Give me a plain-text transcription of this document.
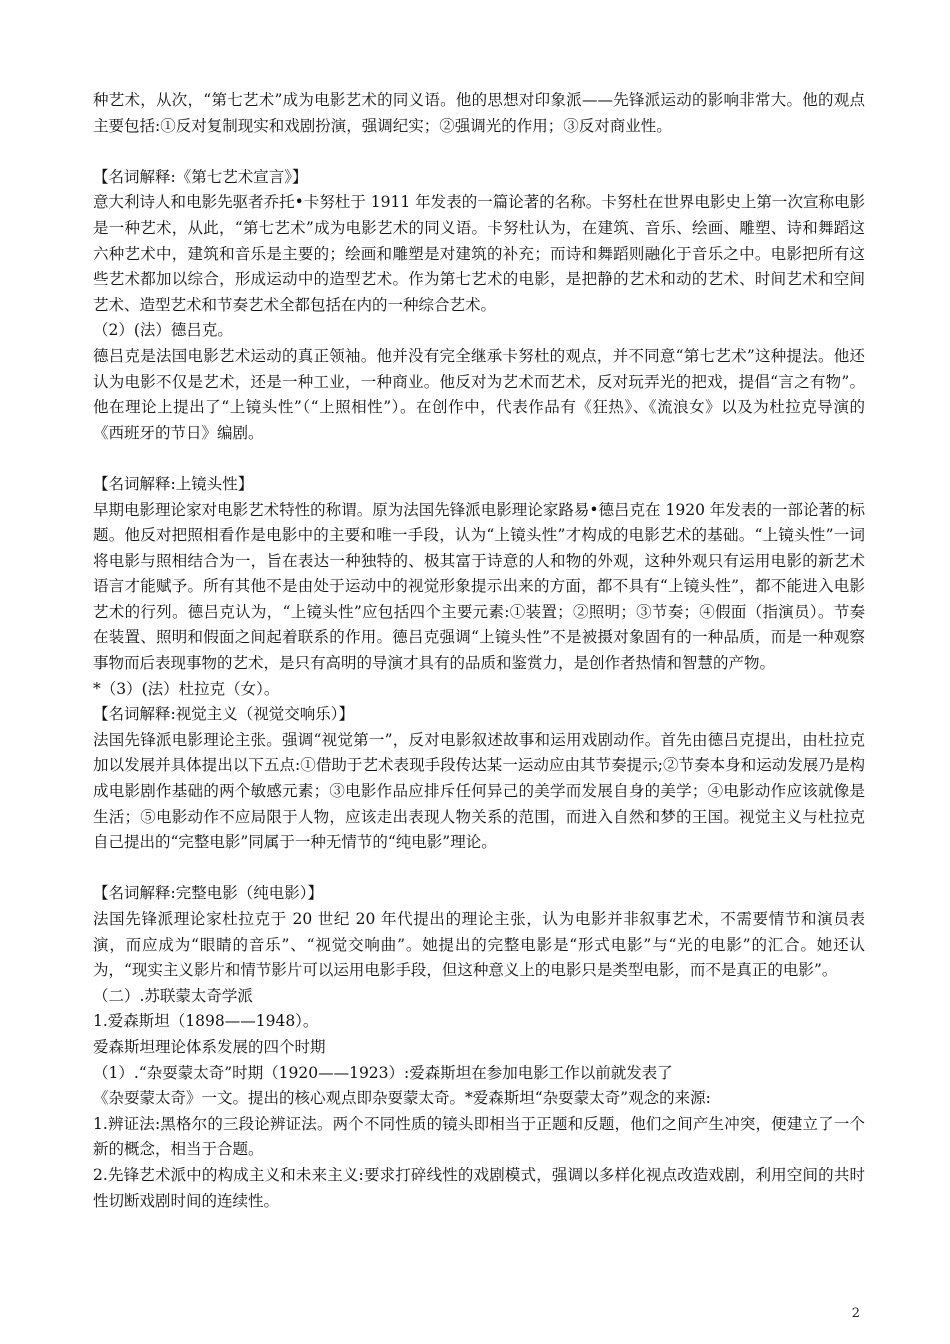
种艺术，从次，“第七艺术”成为电影艺术的同义语。他的思想对印象派——先锋派运动的影响非常大。他的观点主要包括:①反对复制现实和戏剧扮演，强调纪实；②强调光的作用；③反对商业性。

【名词解释:《第七艺术宣言》】

意大利诗人和电影先驱者乔托•卡努杜于 1911 年发表的一篇论著的名称。卡努杜在世界电影史上第一次宣称电影是一种艺术，从此，“第七艺术”成为电影艺术的同义语。卡努杜认为，在建筑、音乐、绘画、雕塑、诗和舞蹈这六种艺术中，建筑和音乐是主要的；绘画和雕塑是对建筑的补充；而诗和舞蹈则融化于音乐之中。电影把所有这些艺术都加以综合，形成运动中的造型艺术。作为第七艺术的电影，是把静的艺术和动的艺术、时间艺术和空间艺术、造型艺术和节奏艺术全都包括在内的一种综合艺术。

（2）(法）德吕克。

德吕克是法国电影艺术运动的真正领袖。他并没有完全继承卡努杜的观点，并不同意“第七艺术”这种提法。他还认为电影不仅是艺术，还是一种工业，一种商业。他反对为艺术而艺术，反对玩弄光的把戏，提倡“言之有物”。他在理论上提出了“上镜头性”（“上照相性”）。在创作中，代表作品有《狂热》、《流浪女》以及为杜拉克导演的《西班牙的节日》编剧。

【名词解释:上镜头性】

早期电影理论家对电影艺术特性的称谓。原为法国先锋派电影理论家路易•德吕克在 1920 年发表的一部论著的标题。他反对把照相看作是电影中的主要和唯一手段，认为“上镜头性”才构成的电影艺术的基础。“上镜头性”一词将电影与照相结合为一，旨在表达一种独特的、极其富于诗意的人和物的外观，这种外观只有运用电影的新艺术语言才能赋予。所有其他不是由处于运动中的视觉形象提示出来的方面，都不具有“上镜头性”，都不能进入电影艺术的行列。德吕克认为，“上镜头性”应包括四个主要元素:①装置；②照明；③节奏；④假面（指演员）。节奏在装置、照明和假面之间起着联系的作用。德吕克强调“上镜头性”不是被摄对象固有的一种品质，而是一种观察事物而后表现事物的艺术，是只有高明的导演才具有的品质和鉴赏力，是创作者热情和智慧的产物。

*（3）(法）杜拉克（女）。

【名词解释:视觉主义（视觉交响乐）】

法国先锋派电影理论主张。强调“视觉第一”，反对电影叙述故事和运用戏剧动作。首先由德吕克提出，由杜拉克加以发展并具体提出以下五点:①借助于艺术表现手段传达某一运动应由其节奏提示;②节奏本身和运动发展乃是构成电影剧作基础的两个敏感元素；③电影作品应排斥任何异己的美学而发展自身的美学；④电影动作应该就像是生活；⑤电影动作不应局限于人物，应该走出表现人物关系的范围，而进入自然和梦的王国。视觉主义与杜拉克自己提出的“完整电影”同属于一种无情节的“纯电影”理论。

【名词解释:完整电影（纯电影）】

法国先锋派理论家杜拉克于 20 世纪 20 年代提出的理论主张，认为电影并非叙事艺术，不需要情节和演员表演，而应成为“眼睛的音乐”、“视觉交响曲”。她提出的完整电影是“形式电影”与“光的电影”的汇合。她还认为，“现实主义影片和情节影片可以运用电影手段，但这种意义上的电影只是类型电影，而不是真正的电影”。

（二）.苏联蒙太奇学派

1.爱森斯坦（1898——1948）。

爱森斯坦理论体系发展的四个时期

（1）.“杂耍蒙太奇”时期（1920——1923）:爱森斯坦在参加电影工作以前就发表了

《杂耍蒙太奇》一文。提出的核心观点即杂耍蒙太奇。*爱森斯坦“杂耍蒙太奇”观念的来源:

1.辨证法:黑格尔的三段论辨证法。两个不同性质的镜头即相当于正题和反题，他们之间产生冲突，便建立了一个新的概念，相当于合题。

2.先锋艺术派中的构成主义和未来主义:要求打碎线性的戏剧模式，强调以多样化视点改造戏剧，利用空间的共时性切断戏剧时间的连续性。

2
